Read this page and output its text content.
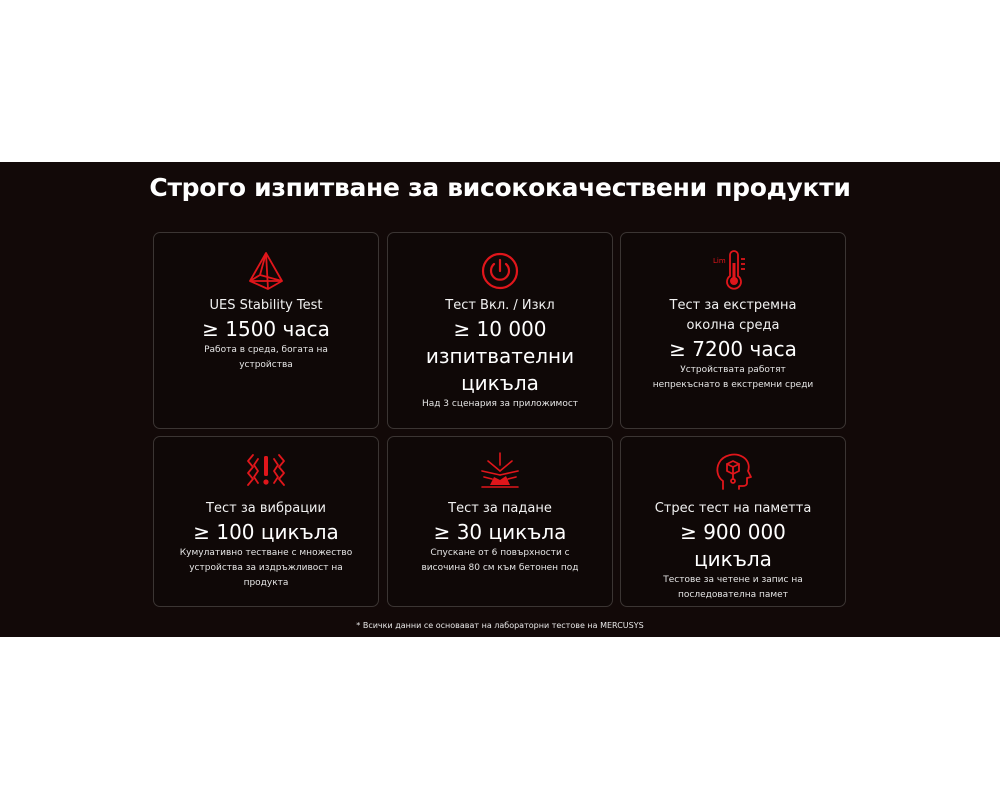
Строго изпитване за висококачествени продукти
UES Stability Test
≥ 1500 часа
Работа в среда, богата на устройства
Тест Вкл. / Изкл
≥ 10 000 изпитвателни цикъла
Над 3 сценария за приложимост
Lim
Тест за екстремна околна среда
≥ 7200 часа
Устройствата работят непрекъснато в екстремни среди
Тест за вибрации
≥ 100 цикъла
Кумулативно тестване с множество устройства за издръжливост на продукта
Тест за падане
≥ 30 цикъла
Спускане от 6 повърхности с височина 80 см към бетонен под
Стрес тест на паметта
≥ 900 000 цикъла
Тестове за четене и запис на последователна памет
* Всички данни се основават на лабораторни тестове на MERCUSYS
